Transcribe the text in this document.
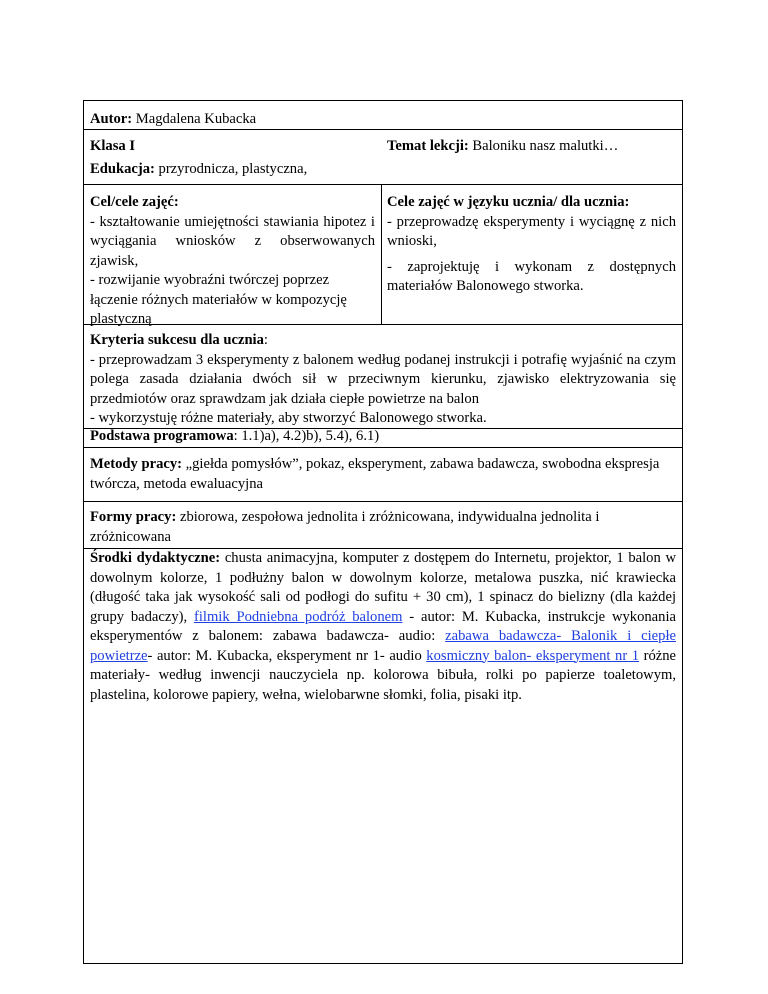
Autor: Magdalena Kubacka
Klasa I	Temat lekcji: Baloniku nasz malutki…
Edukacja: przyrodnicza, plastyczna,
Cel/cele zajęć:

- kształtowanie umiejętności stawiania hipotez i wyciągania wniosków z obserwowanych zjawisk,

- rozwijanie wyobraźni twórczej poprzez łączenie różnych materiałów w kompozycję plastyczną

Cele zajęć w języku ucznia/ dla ucznia:

- przeprowadzę eksperymenty i wyciągnę z nich wnioski,

- zaprojektuję i wykonam z dostępnych materiałów Balonowego stworka.

Kryteria sukcesu dla ucznia:

- przeprowadzam 3 eksperymenty z balonem według podanej instrukcji i potrafię wyjaśnić na czym polega zasada działania dwóch sił w przeciwnym kierunku, zjawisko elektryzowania się przedmiotów oraz sprawdzam jak działa ciepłe powietrze na balon

- wykorzystuję różne materiały, aby stworzyć Balonowego stworka.

Podstawa programowa: 1.1)a), 4.2)b), 5.4), 6.1)
Metody pracy: „giełda pomysłów”, pokaz, eksperyment, zabawa badawcza, swobodna ekspresja twórcza, metoda ewaluacyjna
Formy pracy: zbiorowa, zespołowa jednolita i zróżnicowana, indywidualna jednolita i zróżnicowana
Środki dydaktyczne: chusta animacyjna, komputer z dostępem do Internetu, projektor, 1 balon w dowolnym kolorze, 1 podłużny balon w dowolnym kolorze, metalowa puszka, nić krawiecka (długość taka jak wysokość sali od podłogi do sufitu + 30 cm), 1 spinacz do bielizny (dla każdej grupy badaczy), filmik Podniebna podróż balonem - autor: M. Kubacka, instrukcje wykonania eksperymentów z balonem: zabawa badawcza- audio: zabawa badawcza- Balonik i ciepłe powietrze- autor: M. Kubacka, eksperyment nr 1- audio kosmiczny balon- eksperyment nr 1 różne materiały- według inwencji nauczyciela np. kolorowa bibuła, rolki po papierze toaletowym, plastelina, kolorowe papiery, wełna, wielobarwne słomki, folia, pisaki itp.
